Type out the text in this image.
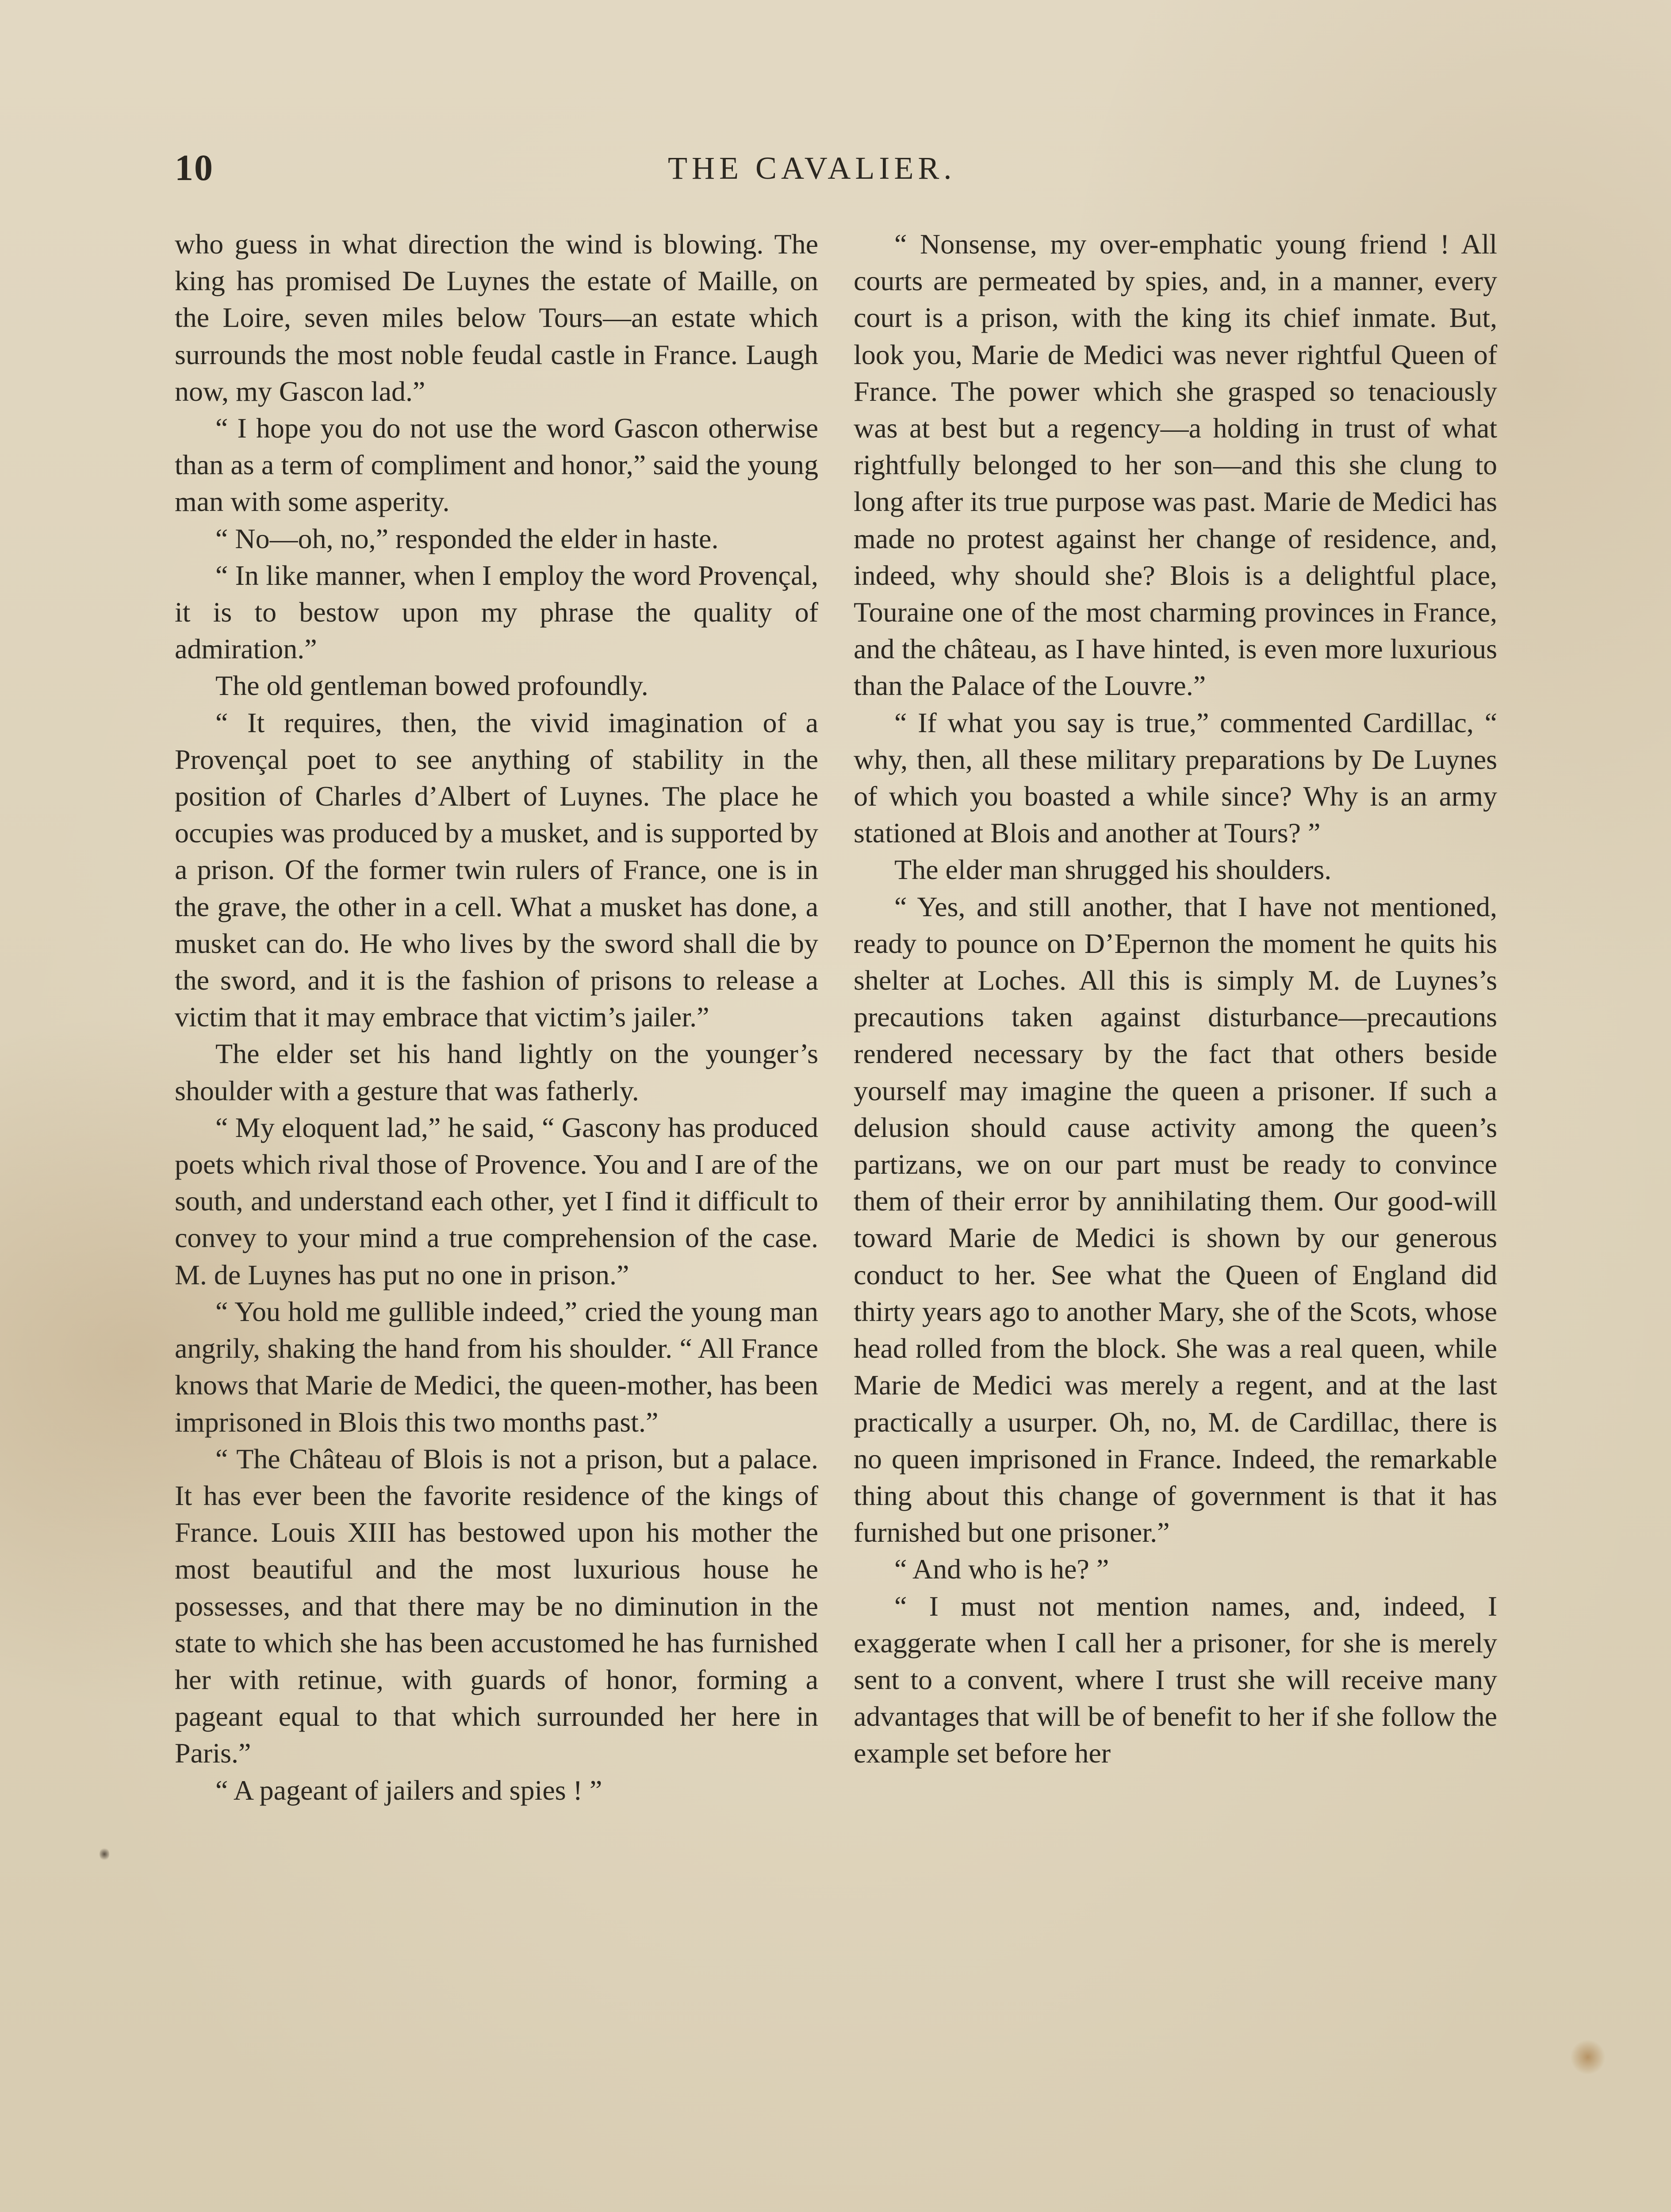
10	THE CAVALIER.

who guess in what direction the wind is blowing. The king has promised De Luynes the estate of Maille, on the Loire, seven miles below Tours—an estate which surrounds the most noble feudal castle in France. Laugh now, my Gascon lad.”

“ I hope you do not use the word Gascon otherwise than as a term of compliment and honor,” said the young man with some asperity.

“ No—oh, no,” responded the elder in haste.

“ In like manner, when I employ the word Provençal, it is to bestow upon my phrase the quality of admiration.”

The old gentleman bowed profoundly.

“ It requires, then, the vivid imagination of a Provençal poet to see anything of stability in the position of Charles d’Albert of Luynes. The place he occupies was produced by a musket, and is supported by a prison. Of the former twin rulers of France, one is in the grave, the other in a cell. What a musket has done, a musket can do. He who lives by the sword shall die by the sword, and it is the fashion of prisons to release a victim that it may embrace that victim’s jailer.”

The elder set his hand lightly on the younger’s shoulder with a gesture that was fatherly.

“ My eloquent lad,” he said, “ Gascony has produced poets which rival those of Provence. You and I are of the south, and understand each other, yet I find it difficult to convey to your mind a true comprehension of the case. M. de Luynes has put no one in prison.”

“ You hold me gullible indeed,” cried the young man angrily, shaking the hand from his shoulder. “ All France knows that Marie de Medici, the queen-mother, has been imprisoned in Blois this two months past.”

“ The Château of Blois is not a prison, but a palace. It has ever been the favorite residence of the kings of France. Louis XIII has bestowed upon his mother the most beautiful and the most luxurious house he possesses, and that there may be no diminution in the state to which she has been accustomed he has furnished her with retinue, with guards of honor, forming a pageant equal to that which surrounded her here in Paris.”

“ A pageant of jailers and spies ! ”

“ Nonsense, my over-emphatic young friend ! All courts are permeated by spies, and, in a manner, every court is a prison, with the king its chief inmate. But, look you, Marie de Medici was never rightful Queen of France. The power which she grasped so tenaciously was at best but a regency—a holding in trust of what rightfully belonged to her son—and this she clung to long after its true purpose was past. Marie de Medici has made no protest against her change of residence, and, indeed, why should she? Blois is a delightful place, Touraine one of the most charming provinces in France, and the château, as I have hinted, is even more luxurious than the Palace of the Louvre.”

“ If what you say is true,” commented Cardillac, “ why, then, all these military preparations by De Luynes of which you boasted a while since? Why is an army stationed at Blois and another at Tours? ”

The elder man shrugged his shoulders.

“ Yes, and still another, that I have not mentioned, ready to pounce on D’Epernon the moment he quits his shelter at Loches. All this is simply M. de Luynes’s precautions taken against disturbance—precautions rendered necessary by the fact that others beside yourself may imagine the queen a prisoner. If such a delusion should cause activity among the queen’s partizans, we on our part must be ready to convince them of their error by annihilating them. Our good-will toward Marie de Medici is shown by our generous conduct to her. See what the Queen of England did thirty years ago to another Mary, she of the Scots, whose head rolled from the block. She was a real queen, while Marie de Medici was merely a regent, and at the last practically a usurper. Oh, no, M. de Cardillac, there is no queen imprisoned in France. Indeed, the remarkable thing about this change of government is that it has furnished but one prisoner.”

“ And who is he? ”

“ I must not mention names, and, indeed, I exaggerate when I call her a prisoner, for she is merely sent to a convent, where I trust she will receive many advantages that will be of benefit to her if she follow the example set before her
